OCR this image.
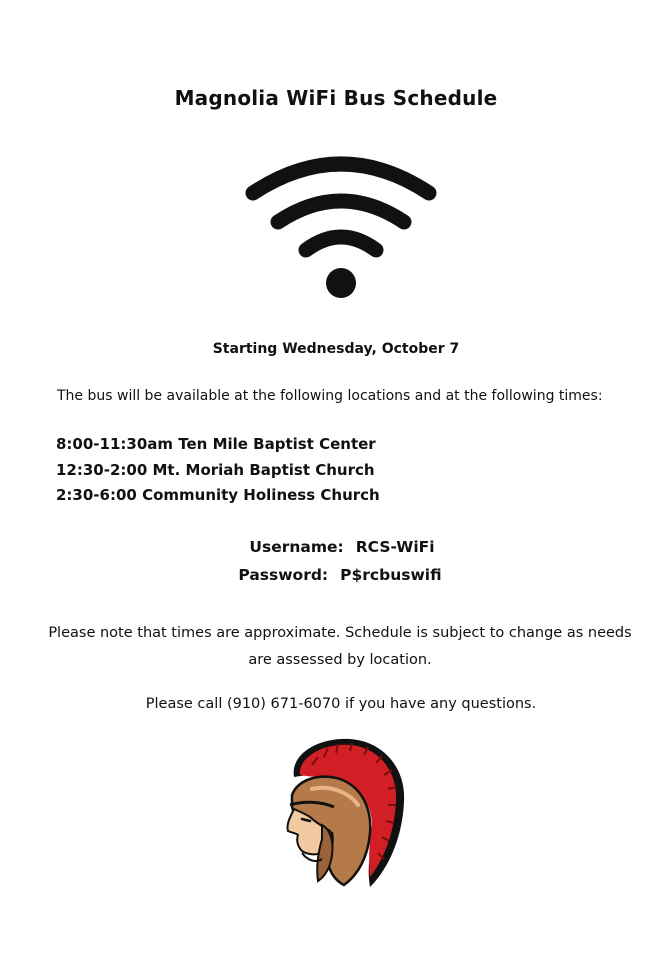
Magnolia WiFi Bus Schedule
Starting Wednesday, October 7
The bus will be available at the following locations and at the following times:
8:00-11:30am Ten Mile Baptist Center
12:30-2:00 Mt. Moriah Baptist Church
2:30-6:00 Community Holiness Church
Username: RCS-WiFi
Password: P$rcbuswifi
Please note that times are approximate. Schedule is subject to change as needs are assessed by location.
Please call (910) 671-6070 if you have any questions.
